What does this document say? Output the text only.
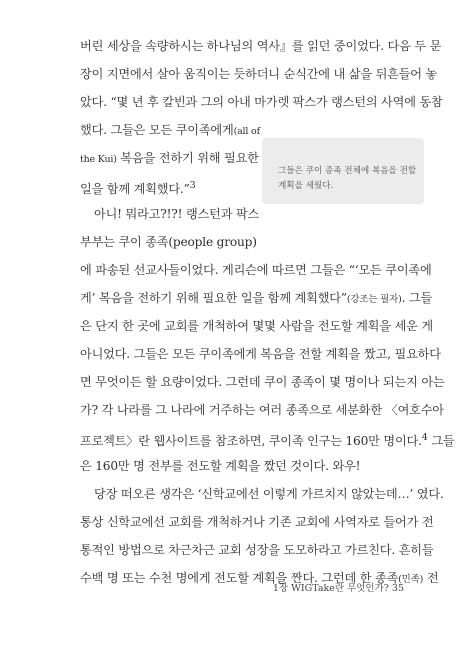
버린 세상을 속량하시는 하나님의 역사』를 읽던 중이었다. 다음 두 문
장이 지면에서 살아 움직이는 듯하더니 순식간에 내 삶을 뒤흔들어 놓
았다. “몇 년 후 칼빈과 그의 아내 마가렛 팍스가 랭스턴의 사역에 동참
했다. 그들은 모든 쿠이족에게(all of
the Kui) 복음을 전하기 위해 필요한
일을 함께 계획했다.”$^3$
아니! 뭐라고?!?! 랭스턴과 팍스
부부는 쿠이 종족(people group)
에 파송된 선교사들이었다. 게리슨에 따르면 그들은 “‘모든 쿠이족에
게’ 복음을 전하기 위해 필요한 일을 함께 계획했다”(강조는 필자). 그들
은 단지 한 곳에 교회를 개척하여 몇몇 사람을 전도할 계획을 세운 게
아니었다. 그들은 모든 쿠이족에게 복음을 전할 계획을 짰고, 필요하다
면 무엇이든 할 요량이었다. 그런데 쿠이 종족이 몇 명이나 되는지 아는
가? 각 나라를 그 나라에 거주하는 여러 종족으로 세분화한 〈여호수아
프로젝트〉란 웹사이트를 참조하면, 쿠이족 인구는 160만 명이다.$^4$ 그들
은 160만 명 전부를 전도할 계획을 짰던 것이다. 와우!
당장 떠오른 생각은 ‘신학교에선 이렇게 가르치지 않았는데…’ 였다.
통상 신학교에선 교회를 개척하거나 기존 교회에 사역자로 들어가 전
통적인 방법으로 차근차근 교회 성장을 도모하라고 가르친다. 흔히들
수백 명 또는 수천 명에게 전도할 계획을 짠다. 그런데 한 종족(민족) 전
그들은 쿠이 종족 전체에 복음을 전할 계획을 세웠다.
1장 WIGTake란 무엇인가? 35
